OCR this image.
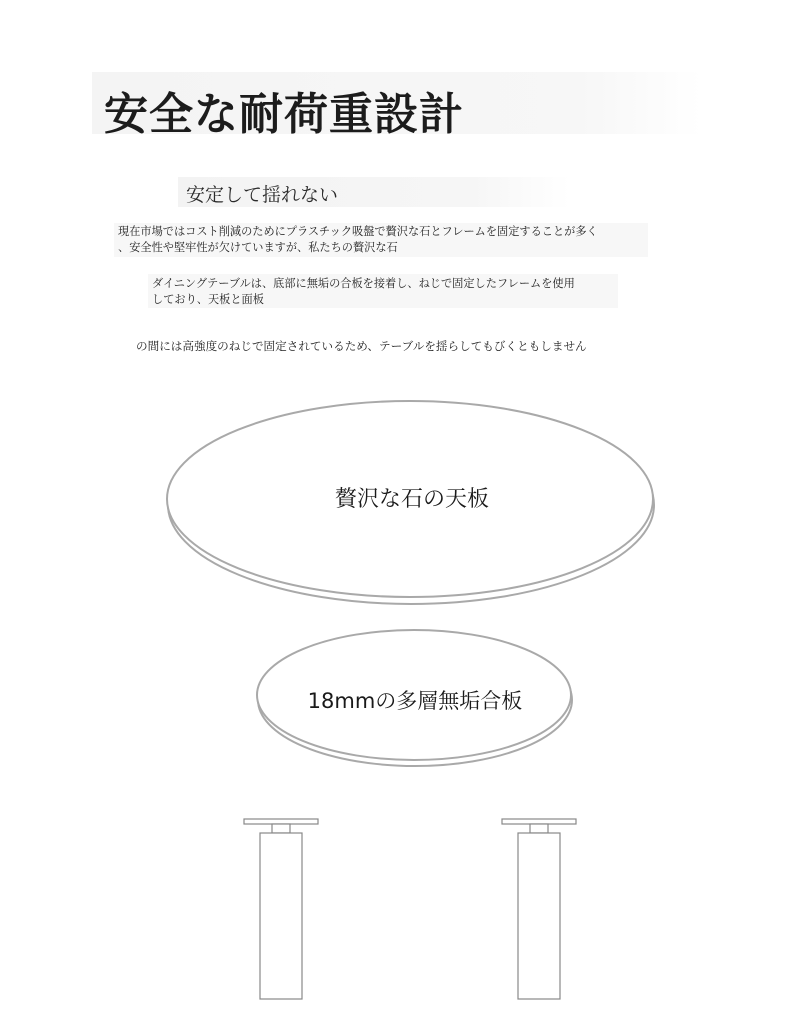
安全な耐荷重設計
安定して揺れない
現在市場ではコスト削減のためにプラスチック吸盤で贅沢な石とフレームを固定することが多く
、安全性や堅牢性が欠けていますが、私たちの贅沢な石
ダイニングテーブルは、底部に無垢の合板を接着し、ねじで固定したフレームを使用
しており、天板と面板
の間には高強度のねじで固定されているため、テーブルを揺らしてもびくともしません
贅沢な石の天板
18mmの多層無垢合板
